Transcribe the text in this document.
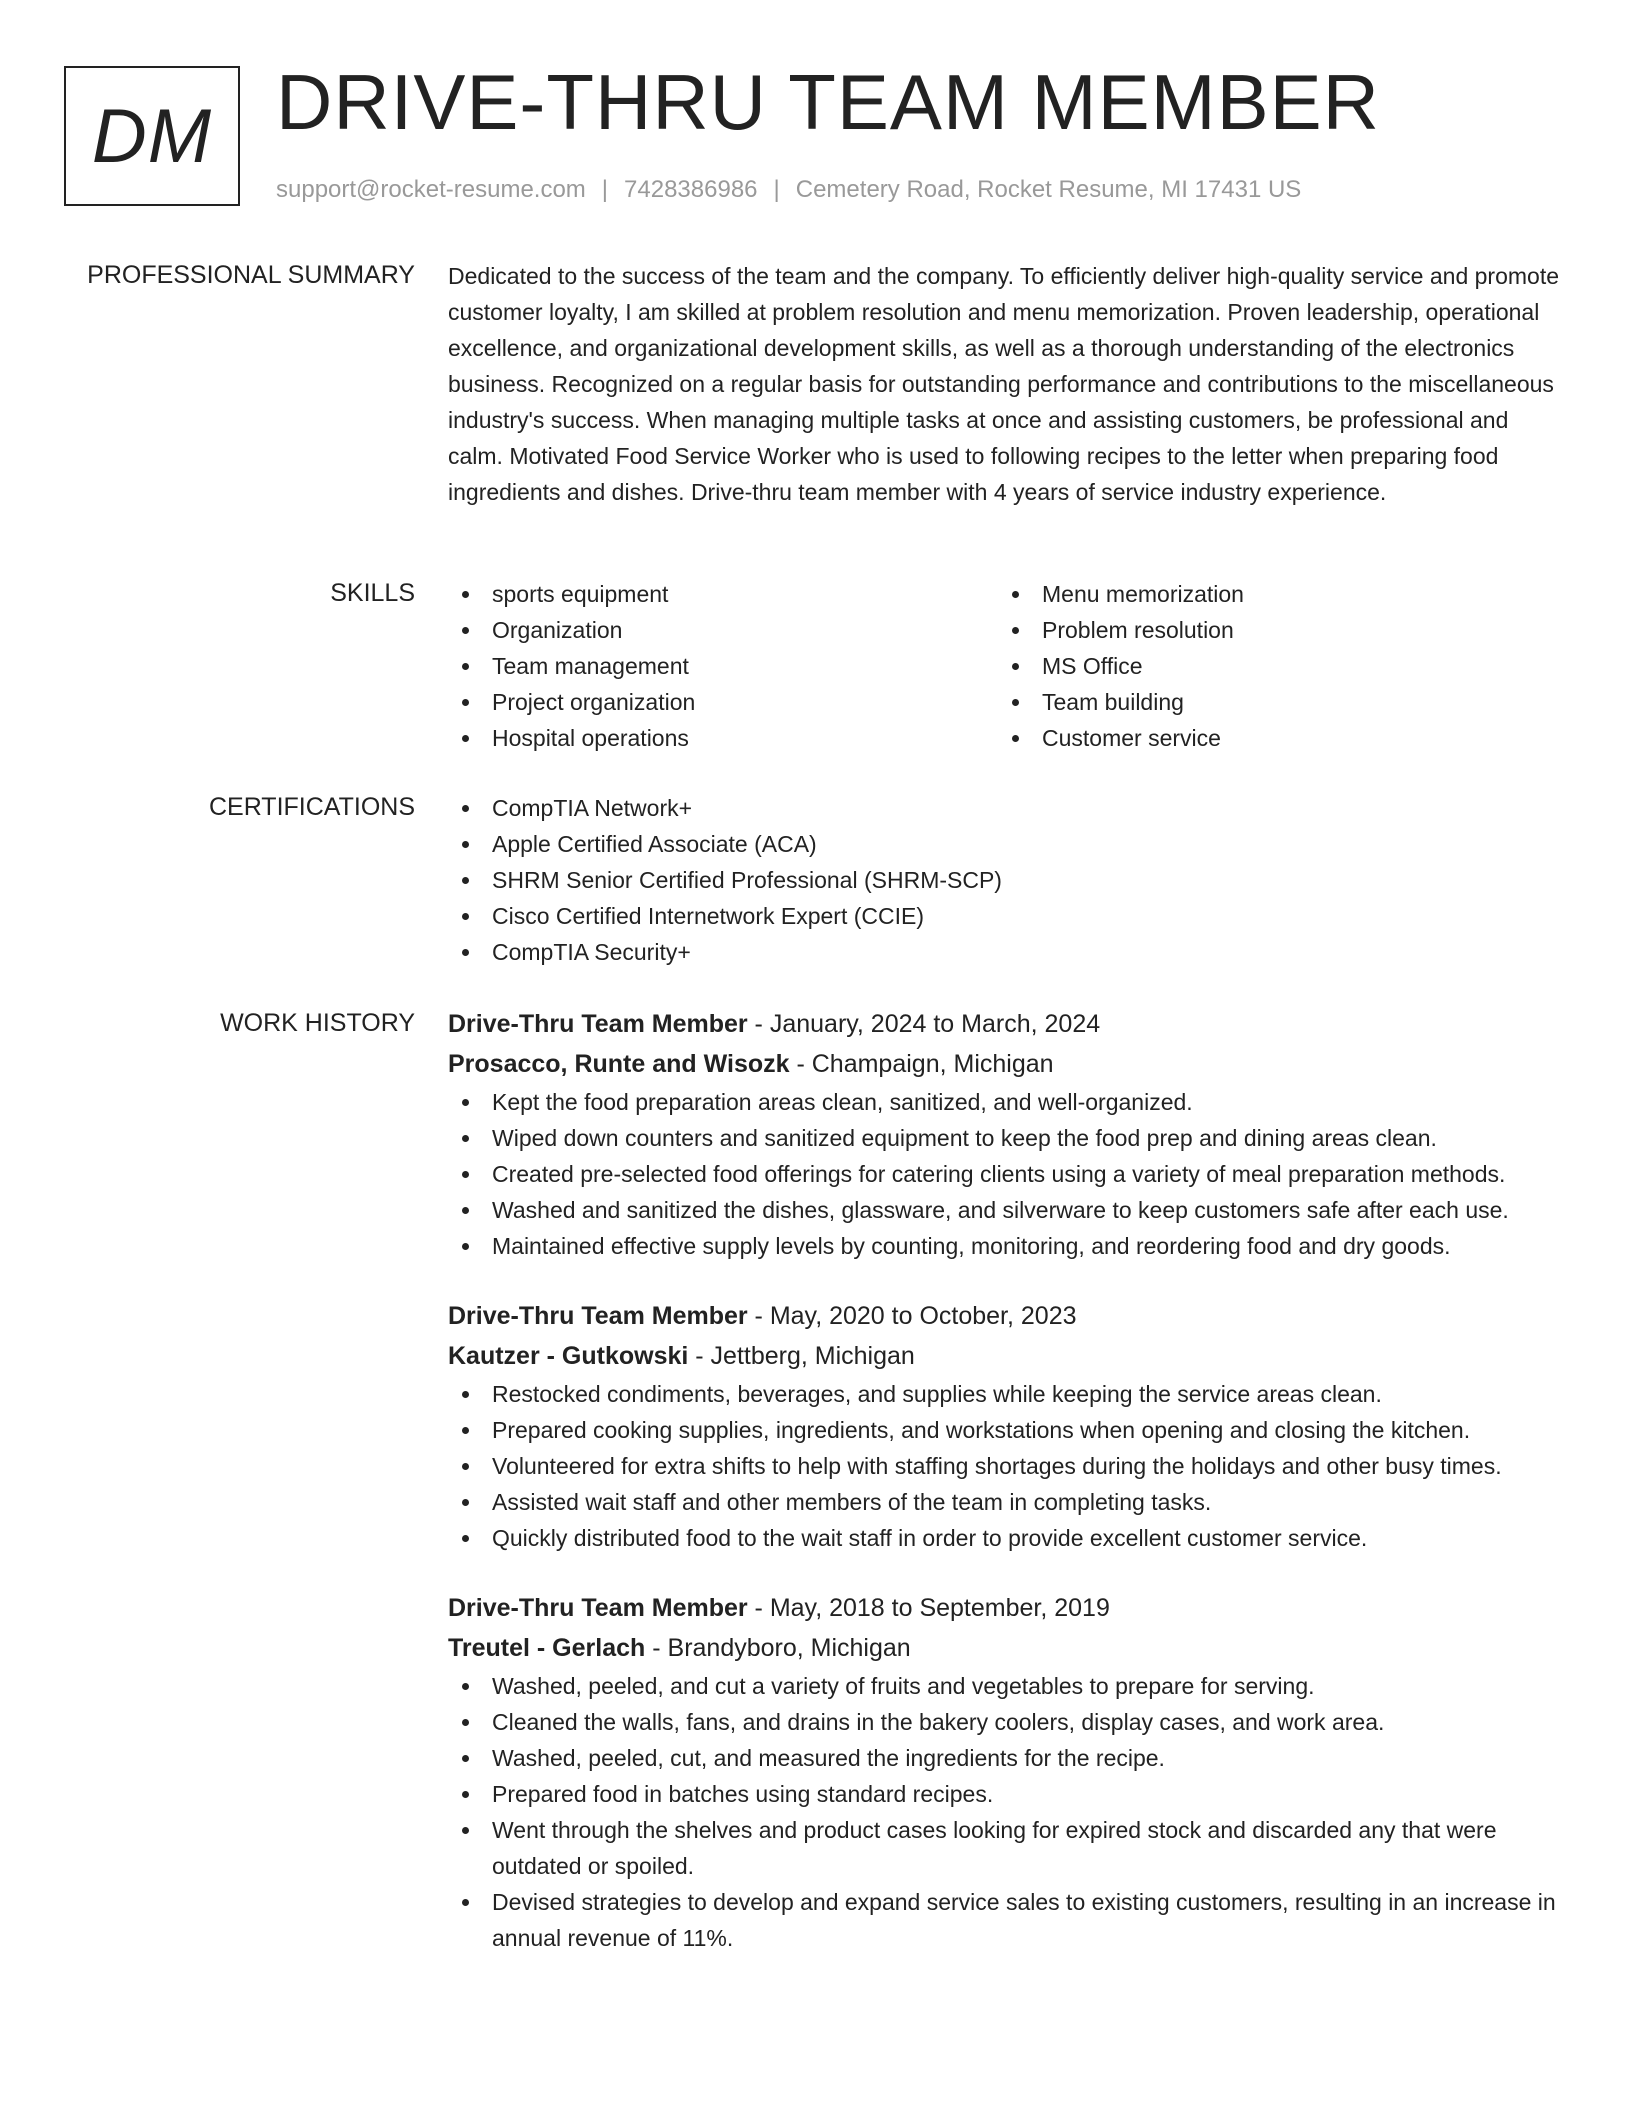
DM DRIVE-THRU TEAM MEMBER
support@rocket-resume.com | 7428386986 | Cemetery Road, Rocket Resume, MI 17431 US
PROFESSIONAL SUMMARY Dedicated to the success of the team and the company. To efficiently deliver high-quality service and promote customer loyalty, I am skilled at problem resolution and menu memorization. Proven leadership, operational excellence, and organizational development skills, as well as a thorough understanding of the electronics business. Recognized on a regular basis for outstanding performance and contributions to the miscellaneous industry's success. When managing multiple tasks at once and assisting customers, be professional and calm. Motivated Food Service Worker who is used to following recipes to the letter when preparing food ingredients and dishes. Drive-thru team member with 4 years of service industry experience.

SKILLS	sports equipment
Organization
Team management
Project organization
Hospital operations
Menu memorization
Problem resolution
MS Office
Team building
Customer service
CERTIFICATIONS	CompTIA Network+
Apple Certified Associate (ACA)
SHRM Senior Certified Professional (SHRM-SCP)
Cisco Certified Internetwork Expert (CCIE)
CompTIA Security+
WORK HISTORY Drive-Thru Team Member - January, 2024 to March, 2024
Prosacco, Runte and Wisozk - Champaign, Michigan
Kept the food preparation areas clean, sanitized, and well-organized.
Wiped down counters and sanitized equipment to keep the food prep and dining areas clean.
Created pre-selected food offerings for catering clients using a variety of meal preparation methods.
Washed and sanitized the dishes, glassware, and silverware to keep customers safe after each use.
Maintained effective supply levels by counting, monitoring, and reordering food and dry goods.
Drive-Thru Team Member - May, 2020 to October, 2023
Kautzer - Gutkowski - Jettberg, Michigan
Restocked condiments, beverages, and supplies while keeping the service areas clean.
Prepared cooking supplies, ingredients, and workstations when opening and closing the kitchen.
Volunteered for extra shifts to help with staffing shortages during the holidays and other busy times.
Assisted wait staff and other members of the team in completing tasks.
Quickly distributed food to the wait staff in order to provide excellent customer service.
Drive-Thru Team Member - May, 2018 to September, 2019
Treutel - Gerlach - Brandyboro, Michigan
Washed, peeled, and cut a variety of fruits and vegetables to prepare for serving.
Cleaned the walls, fans, and drains in the bakery coolers, display cases, and work area.
Washed, peeled, cut, and measured the ingredients for the recipe.
Prepared food in batches using standard recipes.
Went through the shelves and product cases looking for expired stock and discarded any that were outdated or spoiled.
Devised strategies to develop and expand service sales to existing customers, resulting in an increase in annual revenue of 11%.
